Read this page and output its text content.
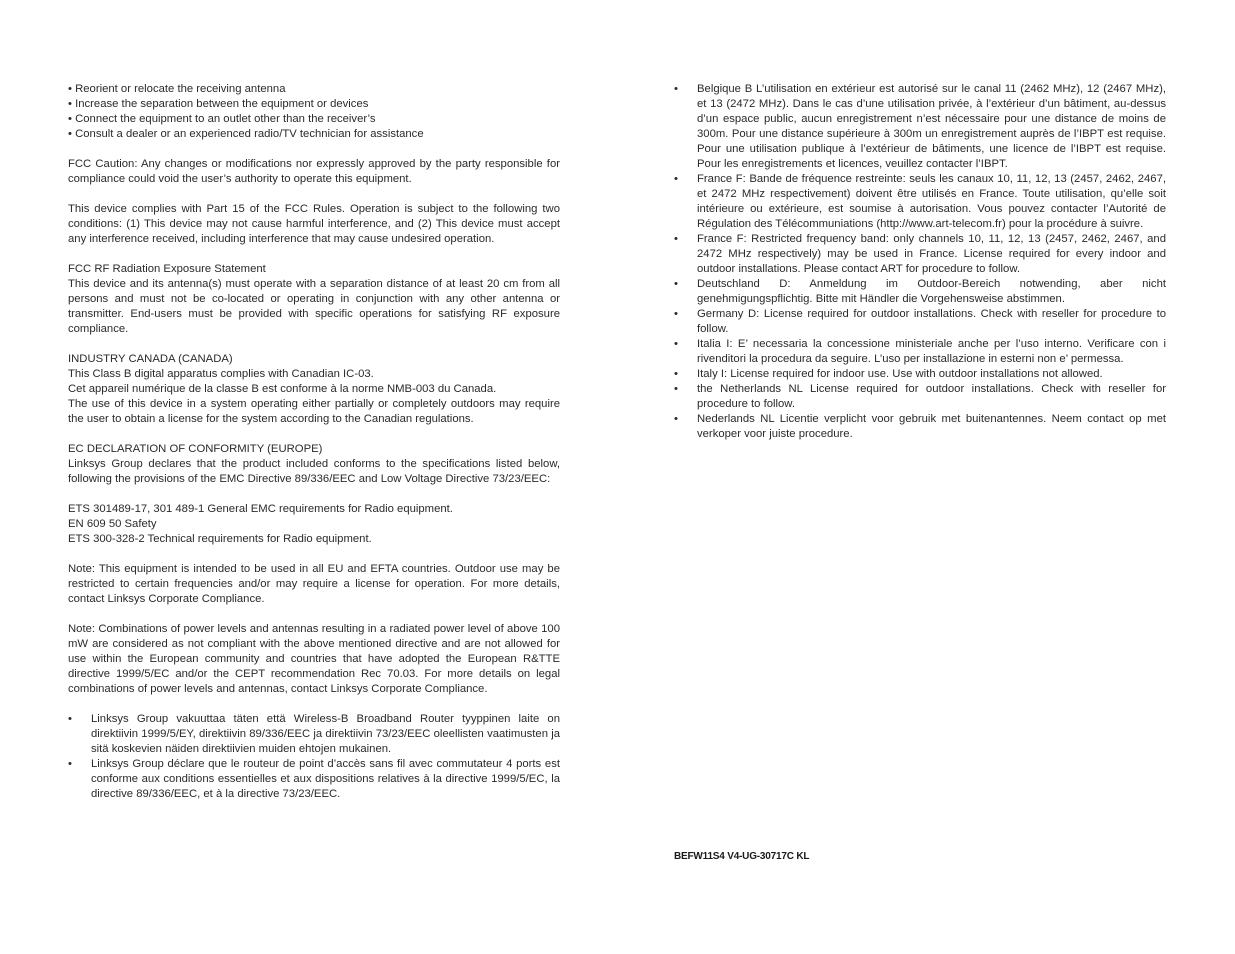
• Reorient or relocate the receiving antenna
• Increase the separation between the equipment or devices
• Connect the equipment to an outlet other than the receiver’s
• Consult a dealer or an experienced radio/TV technician for assistance

FCC Caution: Any changes or modifications nor expressly approved by the party responsible for compliance could void the user’s authority to operate this equipment.

This device complies with Part 15 of the FCC Rules. Operation is subject to the following two conditions: (1) This device may not cause harmful interference, and (2) This device must accept any interference received, including interference that may cause undesired operation.

FCC RF Radiation Exposure Statement
This device and its antenna(s) must operate with a separation distance of at least 20 cm from all persons and must not be co-located or operating in conjunction with any other antenna or transmitter. End-users must be provided with specific operations for satisfying RF exposure compliance.
INDUSTRY CANADA (CANADA)
This Class B digital apparatus complies with Canadian IC-03.
Cet appareil numérique de la classe B est conforme à la norme NMB-003 du Canada.
The use of this device in a system operating either partially or completely outdoors may require the user to obtain a license for the system according to the Canadian regulations.
EC DECLARATION OF CONFORMITY (EUROPE)
Linksys Group declares that the product included conforms to the specifications listed below, following the provisions of the EMC Directive 89/336/EEC and Low Voltage Directive 73/23/EEC:
ETS 301489-17, 301 489-1 General EMC requirements for Radio equipment.
EN 609 50 Safety
ETS 300-328-2 Technical requirements for Radio equipment.

Note: This equipment is intended to be used in all EU and EFTA countries. Outdoor use may be restricted to certain frequencies and/or may require a license for operation. For more details, contact Linksys Corporate Compliance.

Note: Combinations of power levels and antennas resulting in a radiated power level of above 100 mW are considered as not compliant with the above mentioned directive and are not allowed for use within the European community and countries that have adopted the European R&TTE directive 1999/5/EC and/or the CEPT recommendation Rec 70.03. For more details on legal combinations of power levels and antennas, contact Linksys Corporate Compliance.

• Linksys Group vakuuttaa täten että Wireless-B Broadband Router tyyppinen laite on direktiivin 1999/5/EY, direktiivin 89/336/EEC ja direktiivin 73/23/EEC oleellisten vaatimusten ja sitä koskevien näiden direktiivien muiden ehtojen mukainen.
• Linksys Group déclare que le routeur de point d’accès sans fil avec commutateur 4 ports est conforme aux conditions essentielles et aux dispositions relatives à la directive 1999/5/EC, la directive 89/336/EEC, et à la directive 73/23/EEC.
• Belgique B L’utilisation en extérieur est autorisé sur le canal 11 (2462 MHz), 12 (2467 MHz), et 13 (2472 MHz). Dans le cas d’une utilisation privée, à l’extérieur d’un bâtiment, au-dessus d’un espace public, aucun enregistrement n’est nécessaire pour une distance de moins de 300m. Pour une distance supérieure à 300m un enregistrement auprès de l’IBPT est requise. Pour une utilisation publique à l’extérieur de bâtiments, une licence de l’IBPT est requise. Pour les enregistrements et licences, veuillez contacter l’IBPT.
• France F: Bande de fréquence restreinte: seuls les canaux 10, 11, 12, 13 (2457, 2462, 2467, et 2472 MHz respectivement) doivent être utilisés en France. Toute utilisation, qu’elle soit intérieure ou extérieure, est soumise à autorisation. Vous pouvez contacter l’Autorité de Régulation des Télécommuniations (http://www.art-telecom.fr) pour la procédure à suivre.
• France F: Restricted frequency band: only channels 10, 11, 12, 13 (2457, 2462, 2467, and 2472 MHz respectively) may be used in France. License required for every indoor and outdoor installations. Please contact ART for procedure to follow.
• Deutschland D: Anmeldung im Outdoor-Bereich notwending, aber nicht genehmigungspflichtig. Bitte mit Händler die Vorgehensweise abstimmen.
• Germany D: License required for outdoor installations. Check with reseller for procedure to follow.
• Italia I: E’ necessaria la concessione ministeriale anche per l’uso interno. Verificare con i rivenditori la procedura da seguire. L’uso per installazione in esterni non e’ permessa.
• Italy I: License required for indoor use. Use with outdoor installations not allowed.
• the Netherlands NL License required for outdoor installations. Check with reseller for procedure to follow.
• Nederlands NL Licentie verplicht voor gebruik met buitenantennes. Neem contact op met verkoper voor juiste procedure.
BEFW11S4 V4-UG-30717C KL
